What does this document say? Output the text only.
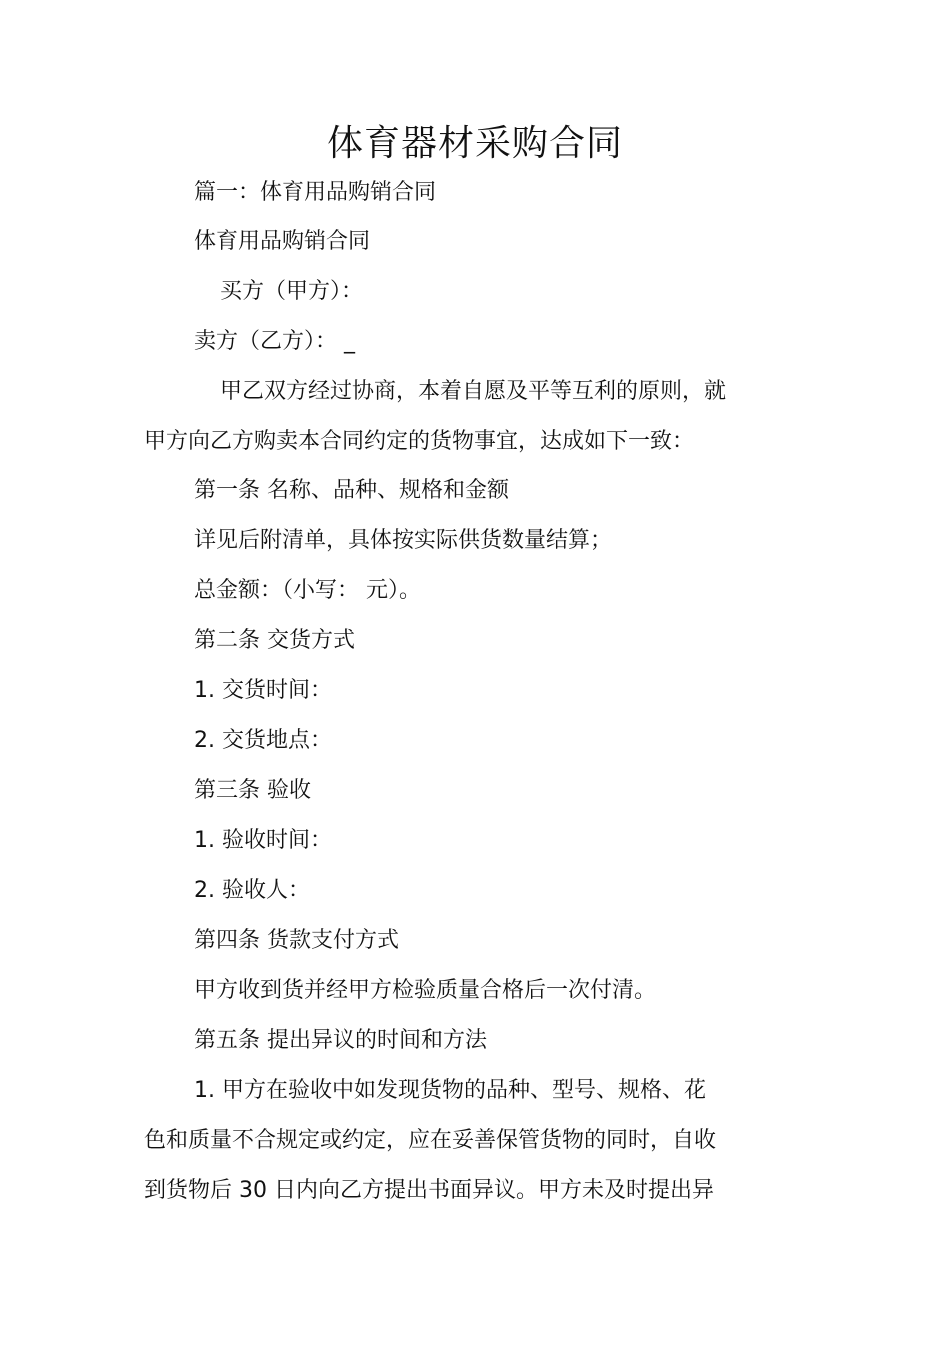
体育器材采购合同
篇一：体育用品购销合同
体育用品购销合同
买方（甲方）：
卖方（乙方）： _
甲乙双方经过协商，本着自愿及平等互利的原则，就
甲方向乙方购卖本合同约定的货物事宜，达成如下一致：
第一条 名称、品种、规格和金额
详见后附清单，具体按实际供货数量结算；
总金额：（小写： 元）。
第二条 交货方式
1. 交货时间：
2. 交货地点：
第三条 验收
1. 验收时间：
2. 验收人：
第四条 货款支付方式
甲方收到货并经甲方检验质量合格后一次付清。
第五条 提出异议的时间和方法
1. 甲方在验收中如发现货物的品种、型号、规格、花
色和质量不合规定或约定，应在妥善保管货物的同时，自收
到货物后 30 日内向乙方提出书面异议。甲方未及时提出异
